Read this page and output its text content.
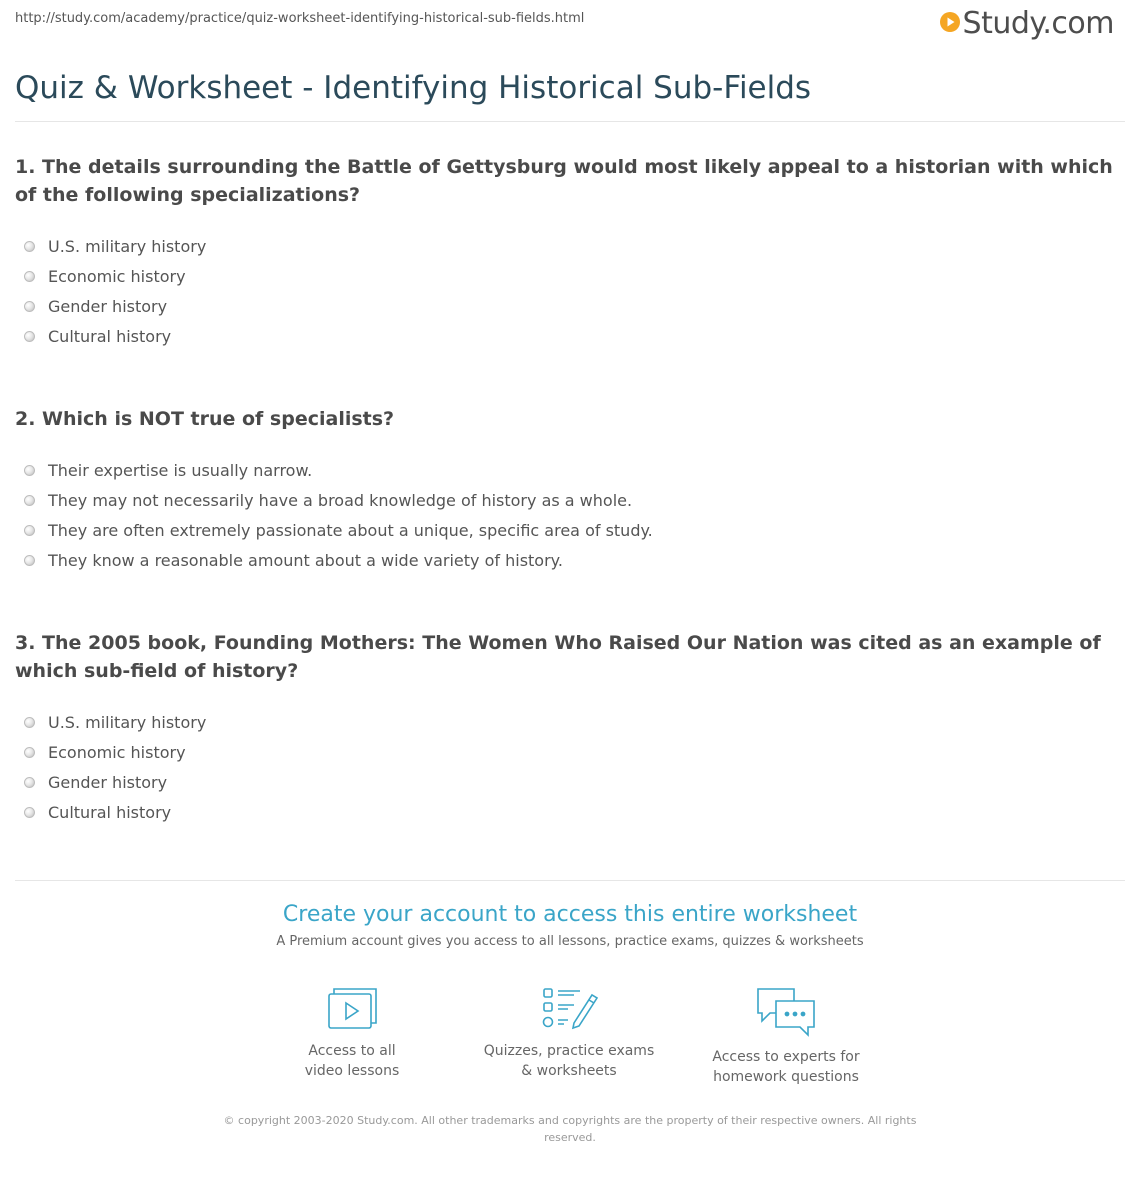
http://study.com/academy/practice/quiz-worksheet-identifying-historical-sub-fields.html	Study.com
Quiz & Worksheet - Identifying Historical Sub-Fields

1. The details surrounding the Battle of Gettysburg would most likely appeal to a historian with which of the following specializations?

U.S. military history
Economic history
Gender history
Cultural history

2. Which is NOT true of specialists?

Their expertise is usually narrow.
They may not necessarily have a broad knowledge of history as a whole.
They are often extremely passionate about a unique, specific area of study.
They know a reasonable amount about a wide variety of history.

3. The 2005 book, Founding Mothers: The Women Who Raised Our Nation was cited as an example of which sub-field of history?

U.S. military history
Economic history
Gender history
Cultural history
Create your account to access this entire worksheet
A Premium account gives you access to all lessons, practice exams, quizzes & worksheets
Access to all
video lessons
Quizzes, practice exams
& worksheets
Access to experts for
homework questions
© copyright 2003-2020 Study.com. All other trademarks and copyrights are the property of their respective owners. All rights
reserved.
